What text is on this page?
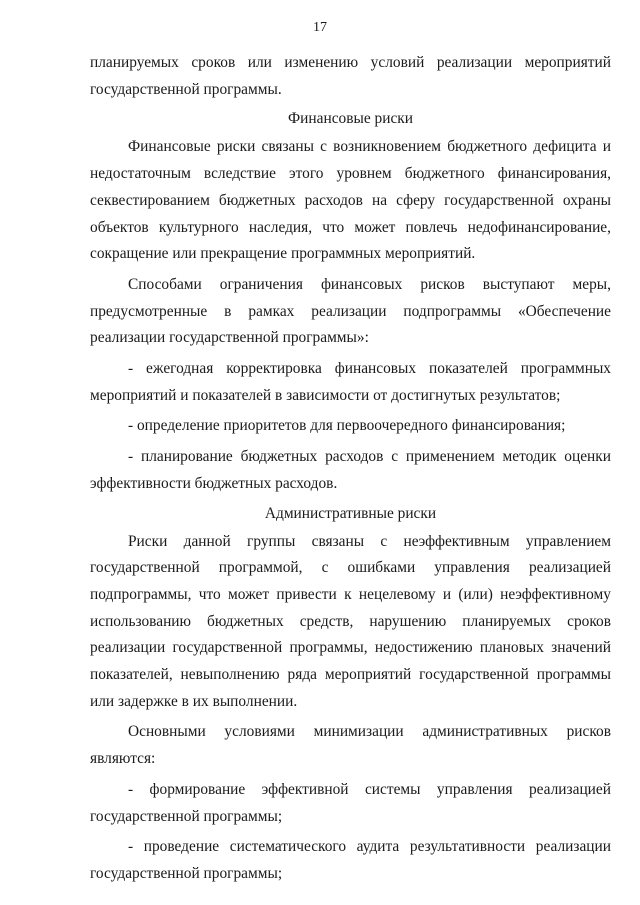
17

планируемых сроков или изменению условий реализации мероприятий государственной программы.

Финансовые риски

Финансовые риски связаны с возникновением бюджетного дефицита и недостаточным вследствие этого уровнем бюджетного финансирования, секвестированием бюджетных расходов на сферу государственной охраны объектов культурного наследия, что может повлечь недофинансирование, сокращение или прекращение программных мероприятий.

Способами ограничения финансовых рисков выступают меры, предусмотренные в рамках реализации подпрограммы «Обеспечение реализации государственной программы»:

- ежегодная корректировка финансовых показателей программных мероприятий и показателей в зависимости от достигнутых результатов;

- определение приоритетов для первоочередного финансирования;

- планирование бюджетных расходов с применением методик оценки эффективности бюджетных расходов.

Административные риски

Риски данной группы связаны с неэффективным управлением государственной программой, с ошибками управления реализацией подпрограммы, что может привести к нецелевому и (или) неэффективному использованию бюджетных средств, нарушению планируемых сроков реализации государственной программы, недостижению плановых значений показателей, невыполнению ряда мероприятий государственной программы или задержке в их выполнении.

Основными условиями минимизации административных рисков являются:

- формирование эффективной системы управления реализацией государственной программы;

- проведение систематического аудита результативности реализации государственной программы;
